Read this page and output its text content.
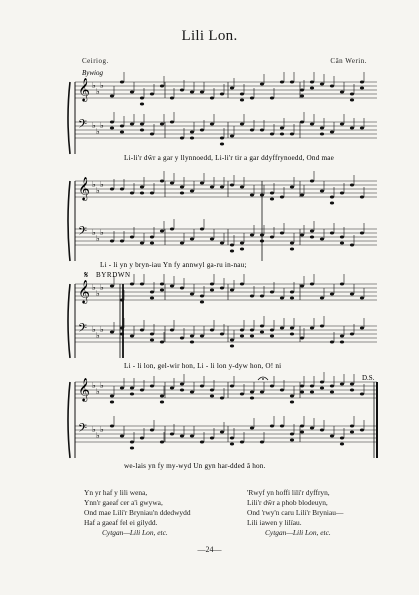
Lili Lon.
Ceiriog.	Cân Werin.
Bywiog
𝄞 ♭
♭
♭
𝄢 ♭
♭
♭
Li-li'r dŵr a gar y llynnoedd, Li-li'r tir a gar ddyffrynoedd, Ond mae
𝄞 ♭
♭
♭
𝄢 ♭
♭
♭
Li - li yn y bryn-iau Yn fy annwyl ga-ru in-nau;
𝄋 BYRDWN
𝄞 ♭
♭
♭
𝄢 ♭
♭
♭
Li - li lon, gel-wir hon, Li - li lon y-dyw hon, O! ni
D.S.
𝄞 ♭
♭
♭
𝄢 ♭
♭
♭
we-lais yn fy my-wyd Un gyn har-dded â hon.
Yn yr haf y lili wena,
Ynn'r gaeaf cer a'i gwywa,
Ond mae Lili'r Bryniau'n ddedwydd
Haf a gaeaf fel ei gilydd.
Cytgan—Lili Lon, etc.
'Rwyf yn hoffi lili'r dyffryn,
Lili'r dŵr a phob blodeuyn,
Ond 'rwy'n caru Lili'r Bryniau—
Lili iawen y lilïau.
Cytgan—Lili Lon, etc.
—24—
